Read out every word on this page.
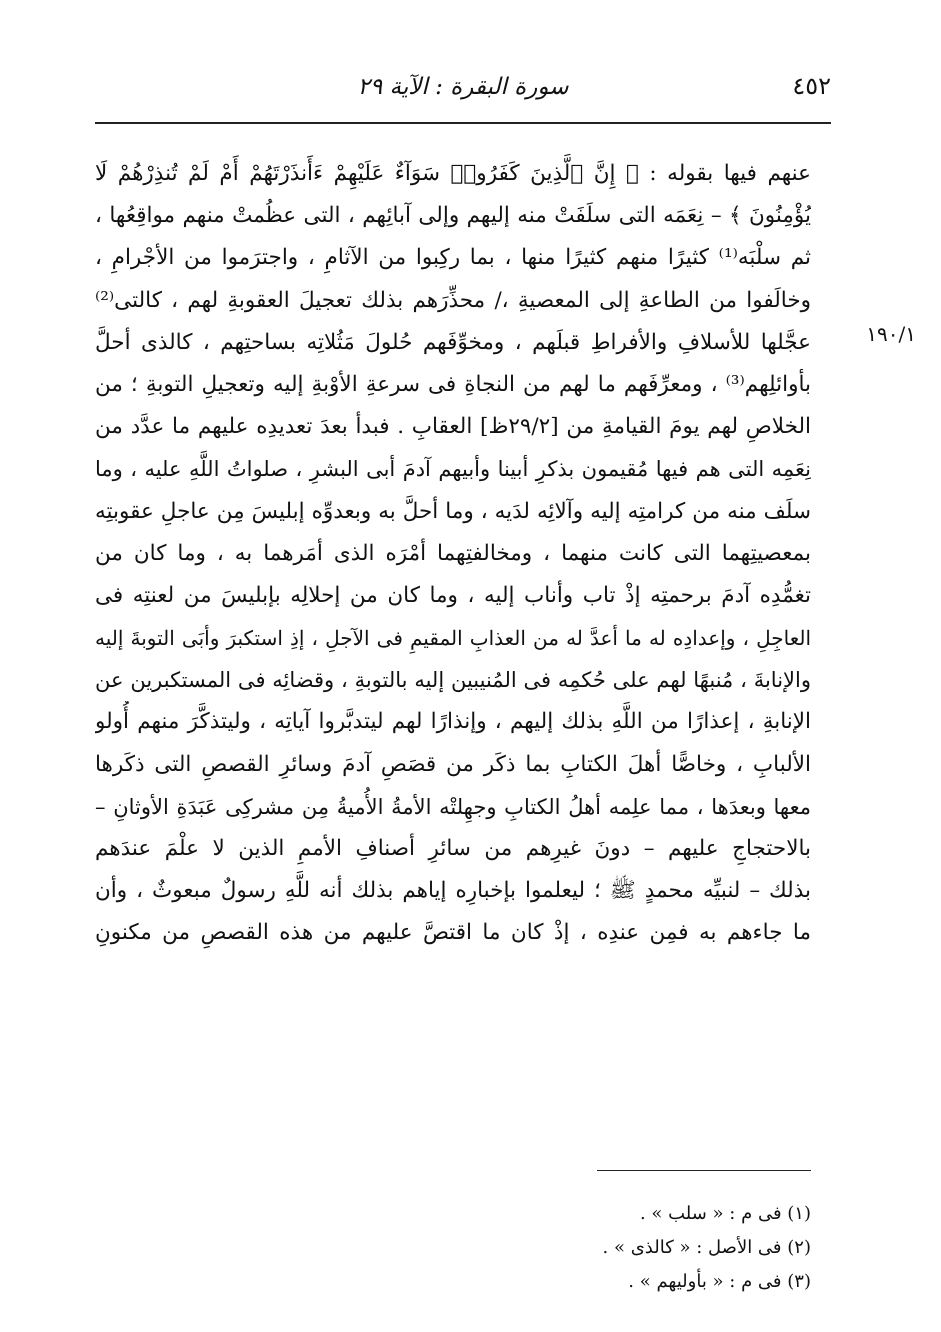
٤٥٢
سورة البقرة : الآية ٢٩
١٩٠/١
عنهم فيها بقوله : ﴿ إِنَّ ٱلَّذِينَ كَفَرُوا۟ سَوَآءٌ عَلَيْهِمْ ءَأَنذَرْتَهُمْ أَمْ لَمْ تُنذِرْهُمْ لَا
يُؤْمِنُونَ ﴾ – نِعَمَه التى سلَفَتْ منه إليهم وإلى آبائِهم ، التى عظُمتْ منهم مواقِعُها ،
ثم سلْبَه⁽¹⁾ كثيرًا منهم كثيرًا منها ، بما ركِبوا من الآثامِ ، واجترَموا من الأجْرامِ ،
وخالَفوا من الطاعةِ إلى المعصيةِ ،/ محذِّرَهم بذلك تعجيلَ العقوبةِ لهم ، كالتى⁽²⁾
عجَّلها للأسلافِ والأفراطِ قبلَهم ، ومخوِّفَهم حُلولَ مَثُلاتِه بساحتِهم ، كالذى أحلَّ
بأوائلِهم⁽³⁾ ، ومعرِّفَهم ما لهم من النجاةِ فى سرعةِ الأوْبةِ إليه وتعجيلِ التوبةِ ؛ من
الخلاصِ لهم يومَ القيامةِ من [٢٩/٢ظ] العقابِ . فبدأ بعدَ تعديدِه عليهم ما عدَّد من
نِعَمِه التى هم فيها مُقيمون بذكرِ أبينا وأبيهم آدمَ أبى البشرِ ، صلواتُ اللَّهِ عليه ، وما
سلَف منه من كرامتِه إليه وآلائِه لدَيه ، وما أحلَّ به وبعدوِّه إبليسَ مِن عاجلِ عقوبتِه
بمعصيتِهما التى كانت منهما ، ومخالفتِهما أمْرَه الذى أمَرهما به ، وما كان من
تغمُّدِه آدمَ برحمتِه إذْ تاب وأناب إليه ، وما كان من إحلالِه بإبليسَ من لعنتِه فى
العاجِلِ ، وإعدادِه له ما أعدَّ له من العذابِ المقيمِ فى الآجلِ ، إذِ استكبرَ وأبَى التوبةَ إليه
والإنابةَ ، مُنبهًا لهم على حُكمِه فى المُنيبين إليه بالتوبةِ ، وقضائِه فى المستكبرين عن
الإنابةِ ، إعذارًا من اللَّهِ بذلك إليهم ، وإنذارًا لهم ليتدبَّروا آياتِه ، وليتذكَّرَ منهم أُولو
الألبابِ ، وخاصًّا أهلَ الكتابِ بما ذكَر من قصَصِ آدمَ وسائرِ القصصِ التى ذكَرها
معها وبعدَها ، مما علِمه أهلُ الكتابِ وجهِلتْه الأمةُ الأُميةُ مِن مشركِى عَبَدَةِ الأوثانِ –
بالاحتجاجِ عليهم – دونَ غيرِهم من سائرِ أصنافِ الأممِ الذين لا علْمَ عندَهم
بذلك – لنبيِّه محمدٍ ﷺ ؛ ليعلموا بإخبارِه إياهم بذلك أنه للَّهِ رسولٌ مبعوثٌ ، وأن
ما جاءهم به فمِن عندِه ، إذْ كان ما اقتصَّ عليهم من هذه القصصِ من مكنونِ
(١) فى م : « سلب » .
(٢) فى الأصل : « كالذى » .
(٣) فى م : « بأوليهم » .
